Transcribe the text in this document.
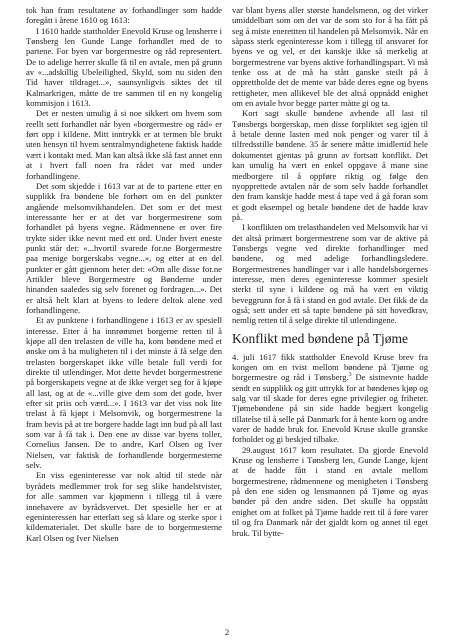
tok han fram resultatene av forhandlinger som hadde foregått i årene 1610 og 1613:

I 1610 hadde stattholder Enevold Kruse og lensherre i Tønsberg len Gunde Lange forhandlet med de to partene. For byen var borgermestre og råd representert. De to adelige herrer skulle få til en avtale, men på grunn av «...adskillig Ubeleilighed, Skyld, som nu siden den Tid haver tildraget...», saunsynligvis siktes det til Kalmarkrigen, måtte de tre sammen til en ny kongelig kommisjon i 1613.

Det er nesten umulig å si noe sikkert om hvem som reellt sett forhandlet når byen «borgermestre og råd» er ført opp i kildene. Mitt inntrykk er at termen ble brukt uten hensyn til hvem sentralmyndighetene faktisk hadde vært i kontakt med. Man kan altså ikke slå fast annet enn at i hvert fall noen fra rådet var med under forhandlingene.

Det som skjedde i 1613 var at de to partene etter en supplikk fra bøndene ble forhørt om en del punkter angående melsomvikhandelen. Det som er det mest interessante her er at det var borgermestrene som forhandlet på byens vegne. Rådmennene er over fire trykte sider ikke nevnt med ett ord. Under hvert eneste punkt står det: «...hvortil svarede for.ne Borgermestre paa menige borgerskabs vegne...», og etter at en del punkter er gått gjennom heter det: «Om alle disse for.ne Artikler bleve Borgermestre og Bønderne under hinanden saaledes sig selv forenet og fordragen...». Det er altså helt klart at byens to ledere deltok alene ved forhandlingene.

Et av punktene i forhandlingene i 1613 er av spesiell interesse. Etter å ha innrømmet borgerne retten til å kjøpe all den trelasten de ville ha, kom bøndene med et ønske om å ha muligheten til i det minste å få selge den trelasten borgerskapet ikke ville betale full verdi for direkte til utlendinger. Mot dette hevdet borgermestrene på borgerskapets vegne at de ikke verget seg for å kjøpe all last, og at de «...ville give dem som det gode, hver efter sit priis och værd...». I 1613 var det viss nok lite trelast å få kjøpt i Melsomvik, og borgermestrene la fram bevis på at tre borgere hadde lagt inn bud på all last som var å få tak i. Den ene av disse var byens toller, Cornelius Jansen. De to andre, Karl Olsen og Iver Nielsen, var faktisk de forhandlende borgermesterne selv.

En viss egeninteresse var nok altid til stede når byrådets medlemmer trok for seg slike handelstvister, for alle sammen var kjøpmenn i tillegg til å være innehavere av byrådsvervet. Det spesielle her er at egeninteressen har etterlatt seg så klare og sterke spor i kildematerialet. Det skulle bare de to borgermesterne Karl Olsen og Iver Nielsen

var blant byens aller største handelsmenn, og det virker umiddelbart som om det var de som sto for å ha fått på seg å miste enerettten til handelen på Melsomvik. Når en såpass sterk egeninteresse kom i tillegg til ansvaret for byens ve og vel, er det kanskje ikke så merkelig at borgermestrene var byens aktive forhandlingspart. Vi må tenke oss at de må ha stått ganske steilt på å opprettholde det de mente var både deres egne og byens rettigheter, men allikevel ble det altså oppnådd enighet om en avtale hvor begge parter måtte gi og ta.

Kort sagt skulle bøndene avhende all last til Tønsbergs borgerskap, men disse forpliktet seg igjen til å betale denne lasten med nok penger og varer til å tilfredsstille bøndene. 35 år senere måtte imidlertid hele dokumentet gjentas på grunn av fortsatt konflikt. Det kan umulig ha vært en enkel oppgave å mane sine medborgere til å oppføre riktig og følge den nyopprettede avtalen når de som selv hadde forhandlet den fram kanskje hadde mest å tape ved å gå foran som et godt eksempel og betale bøndene det de hadde krav på.

I konflikten om trelasthandelen ved Melsomvik har vi det altså primært borgermestrene som var de aktive på Tønsbergs vegne ved direkte forhandlinger med bøndene, og med adelige forhandlingsledere. Borgermestrenes handlinger var i alle handelsborgernes interesse, men deres egeninteresse kommer spesielt sterkt til syne i kildene og må ha vært en viktig beveggrunn for å få i stand en god avtale. Det fikk de da også; sett under ett så tapte bøndene på sitt hovedkrav, nemlig retten til å selge direkte til utlendingene.

Konflikt med bøndene på Tjøme

4. juli 1617 fikk stattholder Enevold Kruse brev fra kongen om en tvist mellom bøndene på Tjøme og borgermestre og råd i Tønsberg.$^3$ De sistnevnte hadde sendt en supplikk og gitt uttrykk for at bøndenes kjøp og salg var til skade for deres egne privilegier og friheter. Tjømebøndene på sin side hadde begjært kongelig tillatelse til å selle på Danmark for å hente korn og andre varer de hadde bruk for. Enevold Kruse skulle granske forholdet og gi beskjed tilbake.

29.august 1617 kom resultatet. Da gjorde Enevold Kruse og lensherre i Tønsberg len, Gunde Lange, kjent at de hadde fått i stand en avtale mellom borgermestrene, rådmennene og menigheten i Tønsberg på den ene siden og lensmannen på Tjøme og øyas bønder på den andre siden. Det skulle ha oppstått enighet om at folket på Tjøme hadde rett til å føre varer til og fra Danmark når det gjaldt korn og annet til eget bruk. Til bytte-

2
